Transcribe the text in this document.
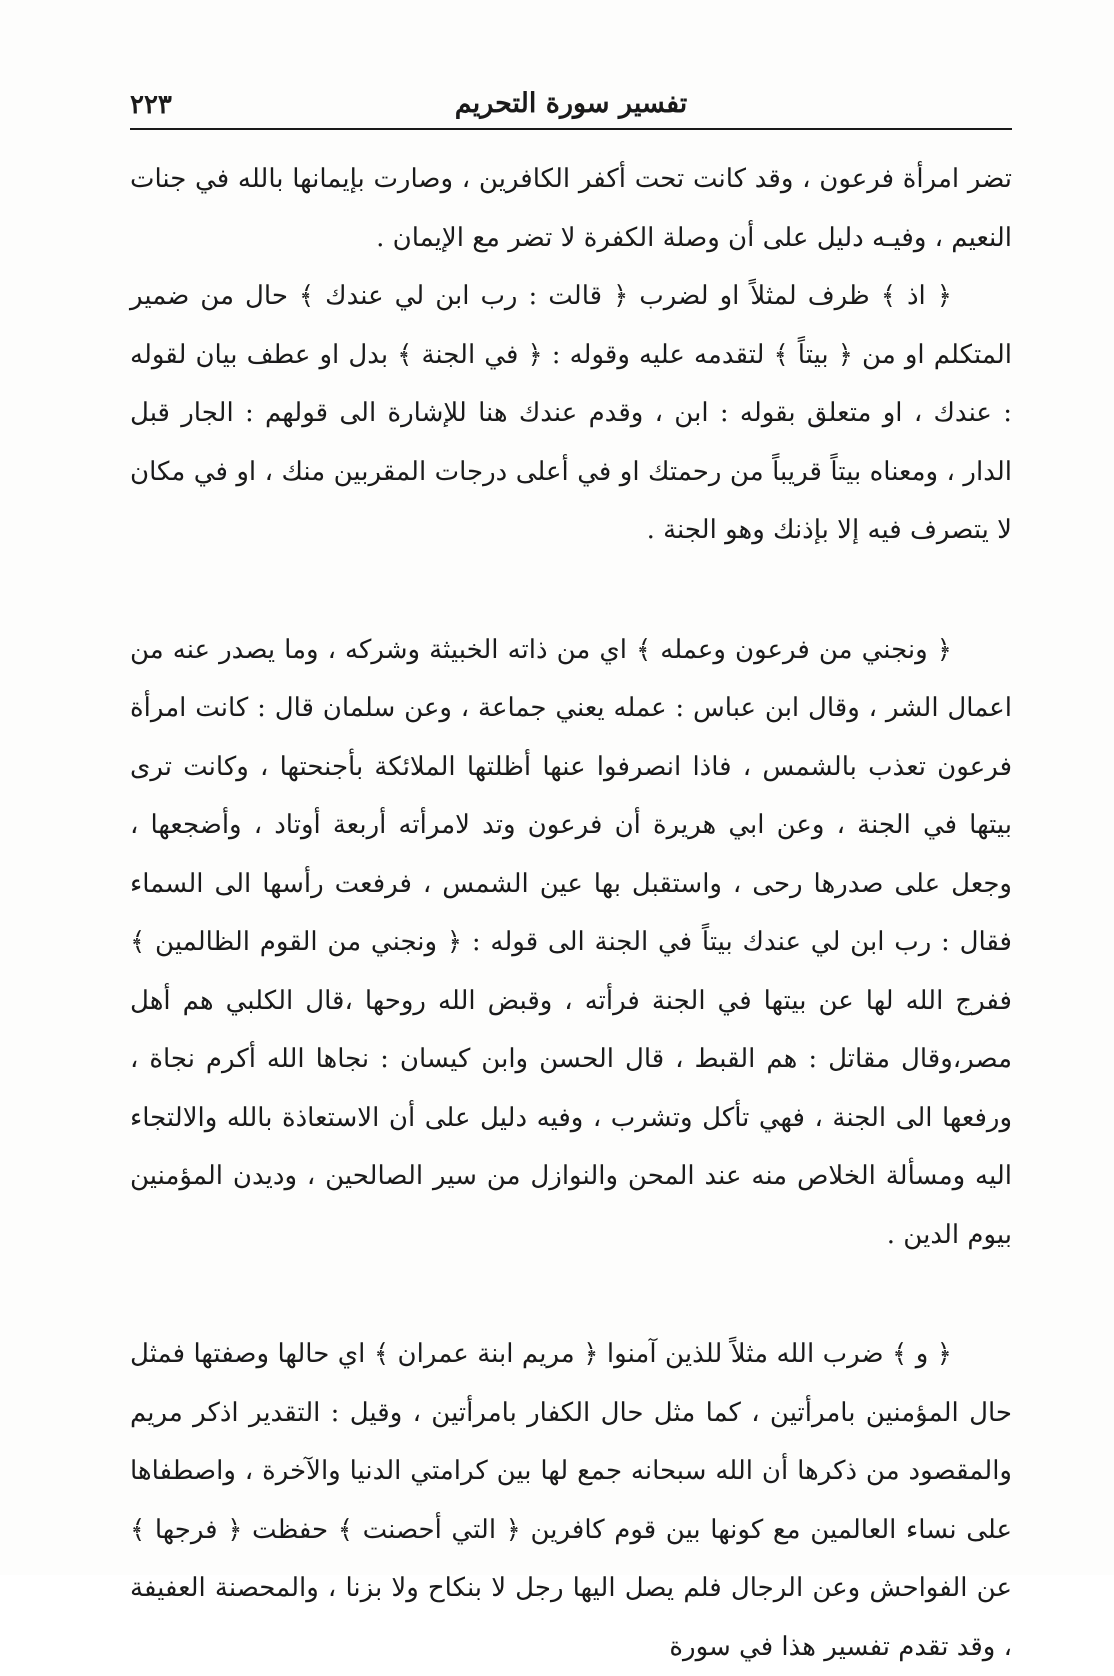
تفسير سورة التحريم
٢٢٣

تضر امرأة فرعون ، وقد كانت تحت أكفر الكافرين ، وصارت بإيمانها بالله في جنات النعيم ، وفيـه دليل على أن وصلة الكفرة لا تضر مع الإيمان .

﴿ اذ ﴾ ظرف لمثلاً او لضرب ﴿ قالت : رب ابن لي عندك ﴾ حال من ضمير المتكلم او من ﴿ بيتاً ﴾ لتقدمه عليه وقوله : ﴿ في الجنة ﴾ بدل او عطف بيان لقوله : عندك ، او متعلق بقوله : ابن ، وقدم عندك هنا للإشارة الى قولهم : الجار قبل الدار ، ومعناه بيتاً قريباً من رحمتك او في أعلى درجات المقربين منك ، او في مكان لا يتصرف فيه إلا بإذنك وهو الجنة .

﴿ ونجني من فرعون وعمله ﴾ اي من ذاته الخبيثة وشركه ، وما يصدر عنه من اعمال الشر ، وقال ابن عباس : عمله يعني جماعة ، وعن سلمان قال : كانت امرأة فرعون تعذب بالشمس ، فاذا انصرفوا عنها أظلتها الملائكة بأجنحتها ، وكانت ترى بيتها في الجنة ، وعن ابي هريرة أن فرعون وتد لامرأته أربعة أوتاد ، وأضجعها ، وجعل على صدرها رحى ، واستقبل بها عين الشمس ، فرفعت رأسها الى السماء فقال : رب ابن لي عندك بيتاً في الجنة الى قوله : ﴿ ونجني من القوم الظالمين ﴾ ففرج الله لها عن بيتها في الجنة فرأته ، وقبض الله روحها ،قال الكلبي هم أهل مصر،وقال مقاتل : هم القبط ، قال الحسن وابن كيسان : نجاها الله أكرم نجاة ، ورفعها الى الجنة ، فهي تأكل وتشرب ، وفيه دليل على أن الاستعاذة بالله والالتجاء اليه ومسألة الخلاص منه عند المحن والنوازل من سير الصالحين ، وديدن المؤمنين بيوم الدين .

﴿ و ﴾ ضرب الله مثلاً للذين آمنوا ﴿ مريم ابنة عمران ﴾ اي حالها وصفتها فمثل حال المؤمنين بامرأتين ، كما مثل حال الكفار بامرأتين ، وقيل : التقدير اذكر مريم والمقصود من ذكرها أن الله سبحانه جمع لها بين كرامتي الدنيا والآخرة ، واصطفاها على نساء العالمين مع كونها بين قوم كافرين ﴿ التي أحصنت ﴾ حفظت ﴿ فرجها ﴾ عن الفواحش وعن الرجال فلم يصل اليها رجل لا بنكاح ولا بزنا ، والمحصنة العفيفة ، وقد تقدم تفسير هذا في سورة
